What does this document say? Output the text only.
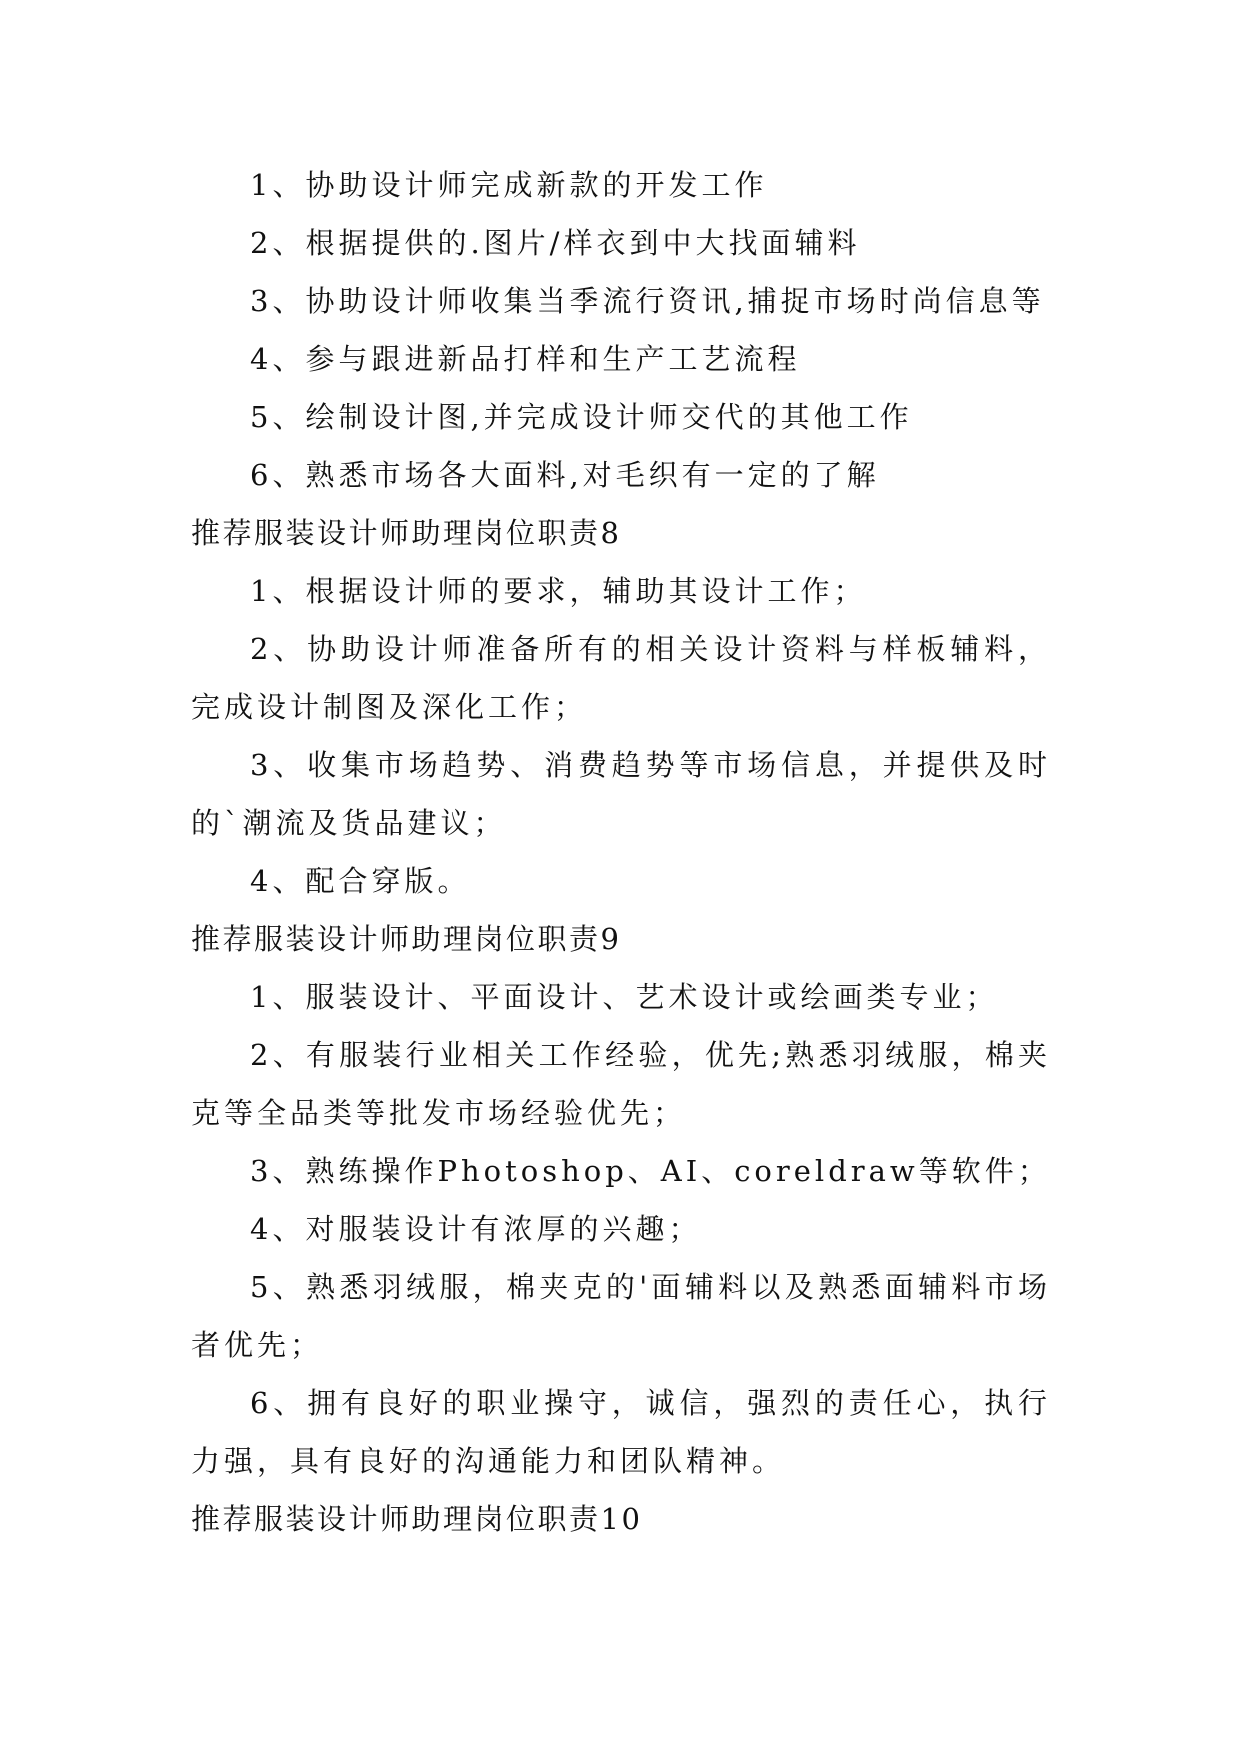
1、协助设计师完成新款的开发工作
2、根据提供的.图片/样衣到中大找面辅料
3、协助设计师收集当季流行资讯,捕捉市场时尚信息等
4、参与跟进新品打样和生产工艺流程
5、绘制设计图,并完成设计师交代的其他工作
6、熟悉市场各大面料,对毛织有一定的了解
推荐服装设计师助理岗位职责8
1、根据设计师的要求，辅助其设计工作；
2、协助设计师准备所有的相关设计资料与样板辅料，
完成设计制图及深化工作；
3、收集市场趋势、消费趋势等市场信息，并提供及时
的`潮流及货品建议；
4、配合穿版。
推荐服装设计师助理岗位职责9
1、服装设计、平面设计、艺术设计或绘画类专业；
2、有服装行业相关工作经验，优先;熟悉羽绒服，棉夹
克等全品类等批发市场经验优先；
3、熟练操作Photoshop、AI、coreldraw等软件；
4、对服装设计有浓厚的兴趣；
5、熟悉羽绒服，棉夹克的'面辅料以及熟悉面辅料市场
者优先；
6、拥有良好的职业操守，诚信，强烈的责任心，执行
力强，具有良好的沟通能力和团队精神。
推荐服装设计师助理岗位职责10
